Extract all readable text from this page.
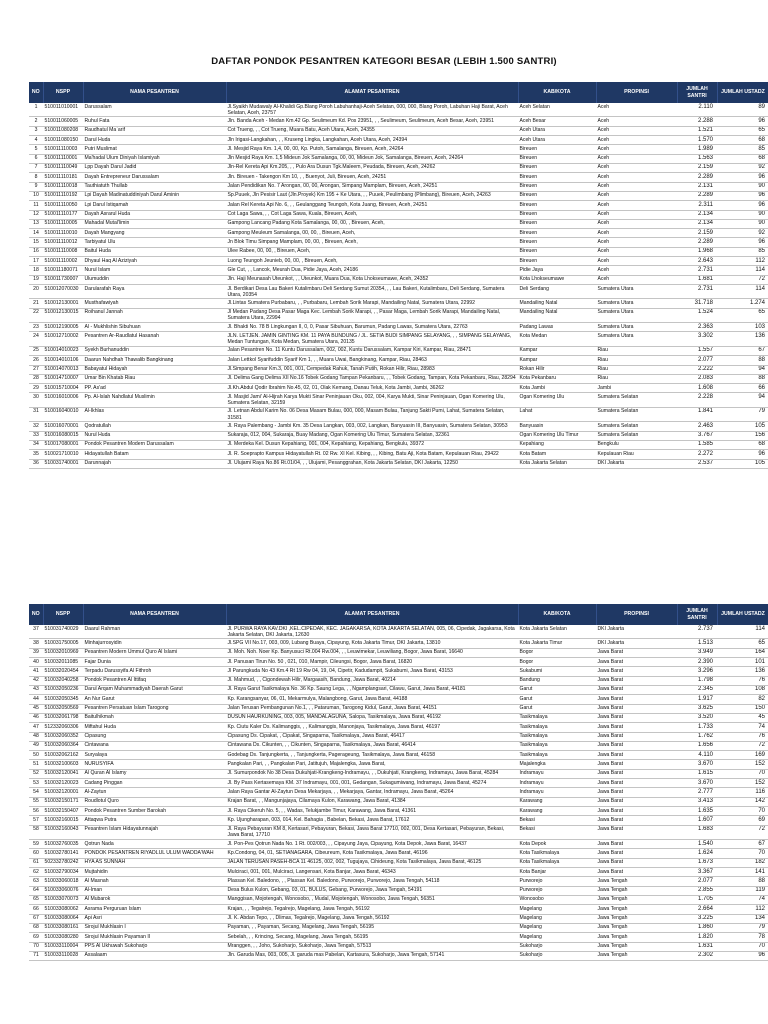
DAFTAR PONDOK PESANTREN KATEGORI BESAR (LEBIH 1.500 SANTRI)
NO	NSPP	NAMA PESANTREN	ALAMAT PESANTREN	KAB/KOTA	PROPINSI	JUMLAH SANTRI	JUMLAH USTADZ
1	510011010001	Darussalam	Jl.Syaikh Mudawaly Al-Khalidi Gp.Blang Poroh Labuhanhaji-Aceh Selatan, 000, 000, Blang Poroh, Labuhan Haji Barat, Aceh Selatan, Aceh, 23757	Aceh Selatan	Aceh	2.110	89
2	510011060005	Ruhul Fata	Jln. Banda Aceh - Medan Km.42 Gp. Seulimeum Kd. Pos 23951, , , Seulimeum, Seulimeum, Aceh Besar, Aceh, 23951	Aceh Besar	Aceh	2.288	96
3	510011080208	Raudhatul Ma`arif	Cot Trueng, , , Cot Trueng, Muara Batu, Aceh Utara, Aceh, 24355	Aceh Utara	Aceh	1.521	65
4	510011080150	Darul Huda	Jln Irigasi-Langkahan, , , Kruseng Lingka, Langkahan, Aceh Utara, Aceh, 24394	Aceh Utara	Aceh	1.570	68
5	510011110003	Putri Muslimat	Jl. Mesjid Raya Km. 1,4, 00, 00, Kp. Putoh, Samalanga, Bireuen, Aceh, 24264	Bireuen	Aceh	1.989	85
6	510011110001	Ma'hadal Ulum Diniyah Islamiyah	Jln Mesjid Raya Km. 1,5 Mideun Jok Samalanga, 00, 00, Mideun Jok, Samalanga, Bireuen, Aceh, 24264	Bireuen	Aceh	1.563	68
7	510011110049	Lpp Dayah Darul Jadid	Jln-Rel Kereta Api Km.205, , , Pulo Ara Dusun Tgk.Maleem, Peudada, Bireuen, Aceh, 24262	Bireuen	Aceh	2.159	92
8	510011110181	Dayah Entrepreneur Darussalam	Jln. Bireuen - Takengon Km 10, , , Buenyot, Juli, Bireuen, Aceh, 24251	Bireuen	Aceh	2.289	96
9	510011110018	Tauthiatuth Thullab	Jalan Pendidikan No. 7 Arongan, 00, 00, Arongan, Simpang Mamplam, Bireuen, Aceh, 24251	Bireuen	Aceh	2.131	90
10	510011110192	Lpi Dayah Madinatuddiniyah Darul Aminin	Sp.Puuek, Jln Pesisir Laut (Jln.Proyek) Km 195 + Ke Utara, , , Puuek, Peulimbang (Plimbang), Bireuen, Aceh, 24263	Bireuen	Aceh	2.289	96
11	510011110050	Lpi Darul Istiqamah	Jalan Rel Kereta Api No. 6, , , Geulanggang Teungoh, Kota Juang, Bireuen, Aceh, 24251	Bireuen	Aceh	2.311	96
12	510011110177	Dayah Asrarul Huda	Cot Laga Sawa, , , Cot Laga Sawa, Kuala, Bireuen, Aceh,	Bireuen	Aceh	2.134	90
13	510011110005	Mahadal Mutal'limin	Gampong Lancang Padang Kota Samalanga, 00, 00, , Bireuen, Aceh,	Bireuen	Aceh	2.134	90
14	510011110010	Dayah Mangyang	Gampong Meuleum Samalanga, 00, 00, , Bireuen, Aceh,	Bireuen	Aceh	2.159	92
15	510011110012	Tarbiyatul Ulu	Jn Blok Timu Simpang Mamplam, 00, 00, , Bireuen, Aceh,	Bireuen	Aceh	2.289	96
16	510011110008	Baitul Huda	Ulee Rabee, 00, 00, , Bireuen, Aceh,	Bireuen	Aceh	1.968	85
17	510011110002	Dhyaul Haq Al Aziziyah	Luong Teungoh Jeunieb, 00, 00, , Bireuen, Aceh,	Bireuen	Aceh	2.643	112
18	510011180071	Nurul Islam	Gle Cut, , , Lancok, Meurah Dua, Pidie Jaya, Aceh, 24186	Pidie Jaya	Aceh	2.731	114
19	510011730007	Ulumuddin	Jln. Haji Meunasah Uteunkot, , , Uteunkot, Muara Dua, Kota Lhokseumawe, Aceh, 24352	Kota Lhokseumawe	Aceh	1.681	72
20	510012070030	Darularafah Raya	Jl. Berdikari Desa Lau Bakeri Kutalimbaru Deli Serdang Sumut 20354, , , Lau Bakeri, Kutalimbaru, Deli Serdang, Sumatera Utara, 20354	Deli Serdang	Sumatera Utara	2.731	114
21	510012130001	Musthafawiyah	Jl.Lintas Sumatera Purbabaru, , , Purbabaru, Lembah Sorik Marapi, Mandailing Natal, Sumatera Utara, 22992	Mandailing Natal	Sumatera Utara	31.718	1.274
22	510012130015	Roihanul Jannah	Jl Medan Padang Desa Pasar Maga Kec. Lembah Sorik Marapi, , , Pasar Maga, Lembah Sorik Marapi, Mandailing Natal, Sumatera Utara, 22994	Mandailing Natal	Sumatera Utara	1.524	65
23	510012190005	Al - Mukhlishin Sibuhuan	Jl. Bhakti No. 78 B Lingkungan II, 0, 0, Pasar Sibuhuan, Barumun, Padang Lawas, Sumatera Utara, 22763	Padang Lawas	Sumatera Utara	2.363	103
24	510012710002	Pesantren Ar-Raudlatul Hasanah	JLN. LETJEN. JAMIN GINTING KM. 11 PAYA BUNDUNG / JL. SETIA BUDI SIMPANG SELAYANG, , , SIMPANG SELAYANG, Medan Tuntungan, Kota Medan, Sumatera Utara, 20135	Kota Medan	Sumatera Utara	3.302	136
25	510014010023	Syekh Burhanuddin	Jalan Pesantren No. 11 Kuntu Darussalam, 002, 002, Kuntu Darussalam, Kampar Kiri, Kampar, Riau, 28471	Kampar	Riau	1.557	67
26	510014010106	Daarun Nahdhah Thawalib Bangkinang	Jalan Lettkol Syarifuddin Syarif Km 1, , , Muara Uwai, Bangkinang, Kampar, Riau, 28463	Kampar	Riau	2.077	88
27	510014070013	Babayatul Hidayah	Jl.Simpang Benar Km.3, 001, 001, Cempedak Rahuk, Tanah Putih, Rokan Hilir, Riau, 28983	Rokan Hilir	Riau	2.222	94
28	510014710007	Umar Bin Khatab Riau	Jl. Delima Gang Delima XII No.16 Tobek Godang Tampan Pekanbaru, , , Tobek Godang, Tampan, Kota Pekanbaru, Riau, 28294	Kota Pekanbaru	Riau	2.083	88
29	510015710004	PP. As'ad	Jl.Kh.Abdul Qodir Ibrahim No.45, 02, 01, Olak Kemang, Danau Teluk, Kota Jambi, Jambi, 36262	Kota Jambi	Jambi	1.608	66
30	510016010006	Pp. Al-Islah Nahdlatul Muslimin	Jl. Masjid Jami' Al-Hijrah Karya Mukti Sinar Peninjauan Oku, 002, 004, Karya Mukti, Sinar Peninjauan, Ogan Komering Ulu, Sumatera Selatan, 32159	Ogan Komering Ulu	Sumatera Selatan	2.228	94
31	510016040010	Al-Ikhlas	Jl. Letnan Abdul Karim No. 06 Desa Masam Bulau, 000, 000, Masam Bulau, Tanjung Sakti Pumi, Lahat, Sumatera Selatan, 31581	Lahat	Sumatera Selatan	1.841	79
32	510016070001	Qodratullah	Jl. Raya Palembang - Jambi Km. 35 Desa Langkan, 003, 002, Langkan, Banyuasin III, Banyuasin, Sumatera Selatan, 30953	Banyuasin	Sumatera Selatan	2.463	105
33	510016080015	Nurul Huda	Sukaraja, 012, 004, Sukaraja, Buay Madang, Ogan Komering Ulu Timur, Sumatera Selatan, 32361	Ogan Komering Ulu Timur	Sumatera Selatan	3.767	156
34	510017080001	Pondok Pesantren Modern Darussalam	Jl. Merdeka Kel. Dusun Kepahiang, 001, 004, Kepahiang, Kepahiang, Bengkulu, 39372	Kepahiang	Bengkulu	1.585	68
35	510021710010	Hidayatullah Batam	Jl. R. Soeprapto Kampus Hidayatullah Rt. 02 Rw. XI Kel. Kibing, , , Kibing, Batu Aji, Kota Batam, Kepulauan Riau, 29422	Kota Batam	Kepulauan Riau	2.272	96
36	510031740001	Darunnajah	Jl. Ulujami Raya No.86 Rt.01/04, , , Ulujami, Pesanggrahan, Kota Jakarta Selatan, DKI Jakarta, 12250	Kota Jakarta Selatan	DKI Jakarta	2.537	105
NO	NSPP	NAMA PESANTREN	ALAMAT PESANTREN	KAB/KOTA	PROPINSI	JUMLAH SANTRI	JUMLAH USTADZ
37	510031740029	Daarul Rahman	Jl. PURWA RAYA KAV.DKI ,KEL.CIPEDAK, KEC. JAGAKARSA, KOTA JAKARTA SELATAN, 005, 06, Cipedak, Jagakarsa, Kota Jakarta Selatan, DKI Jakarta, 12630	Kota Jakarta Selatan	DKI Jakarta	2.737	114
38	510031750005	Minhajurrosyidin	Jl.SPG VII No.17, 003, 009, Lubang Buaya, Cipayung, Kota Jakarta Timur, DKI Jakarta, 13810	Kota Jakarta Timur	DKI Jakarta	1.513	65
39	510032010969	Pesantren Modern Ummul Quro Al Islami	Jl. Moh. Noh. Noer Kp. Banyusuci Rt.004 Rw.004, , , Leuwimekar, Leuwiliang, Bogor, Jawa Barat, 16640	Bogor	Jawa Barat	3.949	164
40	510032011085	Fajar Dunia	Jl. Panusan Tirun No. 50 , 021, 010, Mampir, Cileungsi, Bogor, Jawa Barat, 16820	Bogor	Jawa Barat	2.390	101
41	510032020454	Terpadu Darussyifa Al Fithroh	Jl Parungkuda No 43 Km.4 Rt 19 Rw 04, 19, 04, Cipetir, Kadudampit, Sukabumi, Jawa Barat, 43153	Sukabumi	Jawa Barat	3.296	136
42	510032040258	Pondok Pesantren Al Ittifaq	Jl. Mahmud, , , Cigondewah Hilir, Margaasih, Bandung, Jawa Barat, 40214	Bandung	Jawa Barat	1.798	76
43	510032050236	Darul Arqam Muhammadiyah Daerah Garut	Jl. Raya Garut Tasikmalaya No. 36 Kp. Saung Lega, , , Ngamplangsari, Cilawu, Garut, Jawa Barat, 44181	Garut	Jawa Barat	2.345	108
44	510032050345	An Nur Garut	Kp. Karangsanyar, 06, 01, Mekarmulya, Malangbong, Garut, Jawa Barat, 44188	Garut	Jawa Barat	1.917	82
45	510032050569	Pesantren Persatuan Islam Tarogong	Jalan Terusan Pembangunan No.1, , , Pataruman, Tarogong Kidul, Garut, Jawa Barat, 44151	Garut	Jawa Barat	3.625	150
46	510032061798	Baitulhikmah	DUSUN HAURKUNING, 003, 005, MANDALAGUNA, Salopa, Tasikmalaya, Jawa Barat, 46192	Tasikmalaya	Jawa Barat	3.520	45
47	512332060306	Miftahul Huda	Kp. Ciutu Kaler Ds. Kalimanggis, , , Kalimanggis, Manonjaya, Tasikmalaya, Jawa Barat, 46197	Tasikmalaya	Jawa Barat	1.733	74
48	510032060352	Cipasung	Cipasung Ds. Cipakat, , Cipakat, Singaparna, Tasikmalaya, Jawa Barat, 46417	Tasikmalaya	Jawa Barat	1.762	76
49	510032060364	Cintawana	Cintawana Ds. Cikunten, , , Cikunten, Singaparna, Tasikmalaya, Jawa Barat, 46414	Tasikmalaya	Jawa Barat	1.656	72
50	510032062162	Suryalaya	Godebag Ds. Tanjungkerta, , , Tanjungkerta, Pagerageung, Tasikmalaya, Jawa Barat, 46158	Tasikmalaya	Jawa Barat	4.110	169
51	510032100603	NURUSYIFA	Pangkalan Pari, , , Pangkalan Pari, Jatitujuh, Majalengka, Jawa Barat,	Majalengka	Jawa Barat	3.670	152
52	510032120041	Al Quran Al Islamy	Jl. Sumurpondok No 38 Desa Dukuhjati-Krangkeng-Indramayu, , , Dukuhjati, Krangkeng, Indramayu, Jawa Barat, 45284	Indramayu	Jawa Barat	1.615	70
53	510032120023	Cadang Pinggan	Jl. By Pass Kertasemaya KM. 37 Indramayu, 001, 001, Gedangan, Sukagumiwang, Indramayu, Jawa Barat, 45274	Indramayu	Jawa Barat	3.670	152
54	510032120001	Al-Zaytun	Jalan Raya Gantar Al-Zaytun Desa Mekarjaya, , , Mekarjaya, Gantar, Indramayu, Jawa Barat, 45264	Indramayu	Jawa Barat	2.777	116
55	510032150171	Roudlotul Quro	Krajan Barat, , , Mangunjajaya, Cilamaya Kulon, Karawang, Jawa Barat, 41384	Karawang	Jawa Barat	3.413	142
56	510032150407	Pondok Pesantren Sumber Barokah	Jl. Raya Cikeruh No. 5, , , Wadas, Telukjambe Timur, Karawang, Jawa Barat, 41361	Karawang	Jawa Barat	1.635	70
57	510032160015	Attaqwa Putra	Kp. Ujungharapan, 003, 014, Kel. Bahagia , Babelan, Bekasi, Jawa Barat, 17612	Bekasi	Jawa Barat	1.607	69
58	510032160043	Pesantren Islam Hidayatunnajah	Jl. Raya Pebayuran KM 8, Kertasari, Pebayuran, Bekasi, Jawa Barat 17710, 002, 001, Desa Kertasari, Pebayuran, Bekasi, Jawa Barat, 17710	Bekasi	Jawa Barat	1.683	72
59	510032760035	Qotrun Nada	Jl. Pon-Pes Qotrun Nada No. 1 Rt. 002/003, , , Cipayung Jaya, Cipayung, Kota Depok, Jawa Barat, 16437	Kota Depok	Jawa Barat	1.540	67
60	510032780141	PONDOK PESANTREN RIYADLUL ULUM WADDA'WAH	Kp.Condong, 04, 01, SETIANAGARA, Cibeureum, Kota Tasikmalaya, Jawa Barat, 46196	Kota Tasikmalaya	Jawa Barat	1.624	70
61	502332780242	HYA AS SUNNAH	JALAN TERUSAN PASEH-BCA 11 46125, 002, 002, Tugujaya, Cihideung, Kota Tasikmalaya, Jawa Barat, 46125	Kota Tasikmalaya	Jawa Barat	1.673	182
62	510032790034	Mujtahidin	Mulciraci, 001, 001, Mulciraci, Langensari, Kota Banjar, Jawa Barat, 46343	Kota Banjar	Jawa Barat	3.367	141
63	510033060018	Al Masnah	Plassan Kel. Baledono, , , Plassan Kel. Baledono, Purworejo, Purworejo, Jawa Tengah, 54118	Purworejo	Jawa Tengah	2.077	88
64	510033060076	Al-Iman	Desa Bulus Kulon, Gebang, 03, 01, BULUS, Gebang, Purworejo, Jawa Tengah, 54191	Purworejo	Jawa Tengah	2.855	119
65	510033070073	Al Mubarok	Manggisan, Mojotengah, Wonosobo, , Mudal, Mojotengah, Wonosobo, Jawa Tengah, 56351	Wonosobo	Jawa Tengah	1.705	74
66	510033080062	Asrama Perguruan Islam	Krajan, , , Tegalrejo, Tegalrejo, Magelang, Jawa Tengah, 56192	Magelang	Jawa Tengah	2.664	112
67	510033080064	Api Asri	Jl. K. Abdan Tepo, , , Dlimas, Tegalrejo, Magelang, Jawa Tengah, 56192	Magelang	Jawa Tengah	3.225	134
68	510033080161	Sirojul Mukhlasin I	Payaman, , , Payaman, Secang, Magelang, Jawa Tengah, 56195	Magelang	Jawa Tengah	1.860	79
69	510033080280	Sirojul Mukhlasin Payaman II	Sebelah, , , Krincing, Secang, Magelang, Jawa Tengah, 56195	Magelang	Jawa Tengah	1.820	78
70	510033110004	PPS Al Ukhuwah Sukoharjo	Mranggen, , , Joho, Sukoharjo, Sukoharjo, Jawa Tengah, 57513	Sukoharjo	Jawa Tengah	1.631	70
71	510033110028	Assalaam	Jln. Garuda Mas, 003, 005, Jl. garuda mas Pabelan, Kartasura, Sukoharjo, Jawa Tengah, 57141	Sukoharjo	Jawa Tengah	2.302	96
